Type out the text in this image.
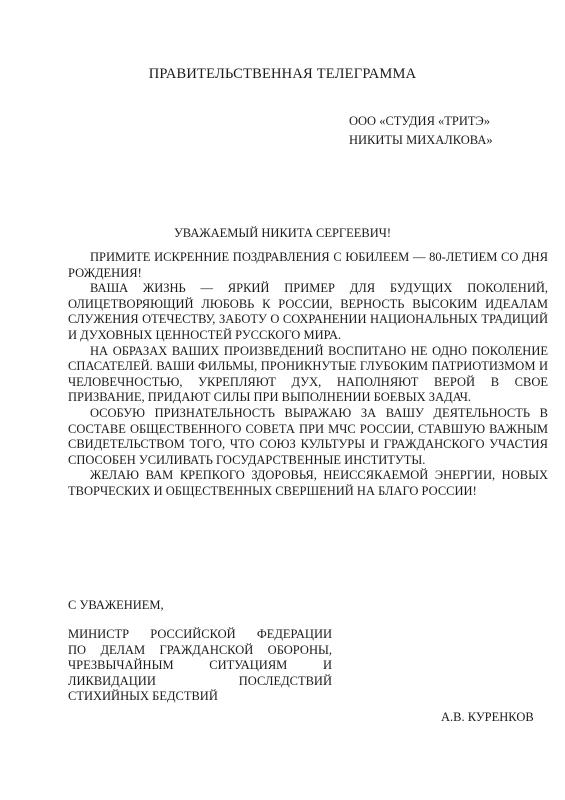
ПРАВИТЕЛЬСТВЕННАЯ ТЕЛЕГРАММА
ООО «СТУДИЯ «ТРИТЭ»
НИКИТЫ МИХАЛКОВА»
УВАЖАЕМЫЙ НИКИТА СЕРГЕЕВИЧ!

ПРИМИТЕ ИСКРЕННИЕ ПОЗДРАВЛЕНИЯ С ЮБИЛЕЕМ — 80-ЛЕТИЕМ СО ДНЯ РОЖДЕНИЯ!

ВАША ЖИЗНЬ — ЯРКИЙ ПРИМЕР ДЛЯ БУДУЩИХ ПОКОЛЕНИЙ, ОЛИЦЕТВОРЯЮЩИЙ ЛЮБОВЬ К РОССИИ, ВЕРНОСТЬ ВЫСОКИМ ИДЕАЛАМ СЛУЖЕНИЯ ОТЕЧЕСТВУ, ЗАБОТУ О СОХРАНЕНИИ НАЦИОНАЛЬНЫХ ТРАДИЦИЙ И ДУХОВНЫХ ЦЕННОСТЕЙ РУССКОГО МИРА.

НА ОБРАЗАХ ВАШИХ ПРОИЗВЕДЕНИЙ ВОСПИТАНО НЕ ОДНО ПОКОЛЕНИЕ СПАСАТЕЛЕЙ. ВАШИ ФИЛЬМЫ, ПРОНИКНУТЫЕ ГЛУБОКИМ ПАТРИОТИЗМОМ И ЧЕЛОВЕЧНОСТЬЮ, УКРЕПЛЯЮТ ДУХ, НАПОЛНЯЮТ ВЕРОЙ В СВОЕ ПРИЗВАНИЕ, ПРИДАЮТ СИЛЫ ПРИ ВЫПОЛНЕНИИ БОЕВЫХ ЗАДАЧ.

ОСОБУЮ ПРИЗНАТЕЛЬНОСТЬ ВЫРАЖАЮ ЗА ВАШУ ДЕЯТЕЛЬНОСТЬ В СОСТАВЕ ОБЩЕСТВЕННОГО СОВЕТА ПРИ МЧС РОССИИ, СТАВШУЮ ВАЖНЫМ СВИДЕТЕЛЬСТВОМ ТОГО, ЧТО СОЮЗ КУЛЬТУРЫ И ГРАЖДАНСКОГО УЧАСТИЯ СПОСОБЕН УСИЛИВАТЬ ГОСУДАРСТВЕННЫЕ ИНСТИТУТЫ.

ЖЕЛАЮ ВАМ КРЕПКОГО ЗДОРОВЬЯ, НЕИССЯКАЕМОЙ ЭНЕРГИИ, НОВЫХ ТВОРЧЕСКИХ И ОБЩЕСТВЕННЫХ СВЕРШЕНИЙ НА БЛАГО РОССИИ!

С УВАЖЕНИЕМ,
МИНИСТР РОССИЙСКОЙ ФЕДЕРАЦИИ
ПО ДЕЛАМ ГРАЖДАНСКОЙ ОБОРОНЫ,
ЧРЕЗВЫЧАЙНЫМ СИТУАЦИЯМ И
ЛИКВИДАЦИИ ПОСЛЕДСТВИЙ
СТИХИЙНЫХ БЕДСТВИЙ
А.В. КУРЕНКОВ
